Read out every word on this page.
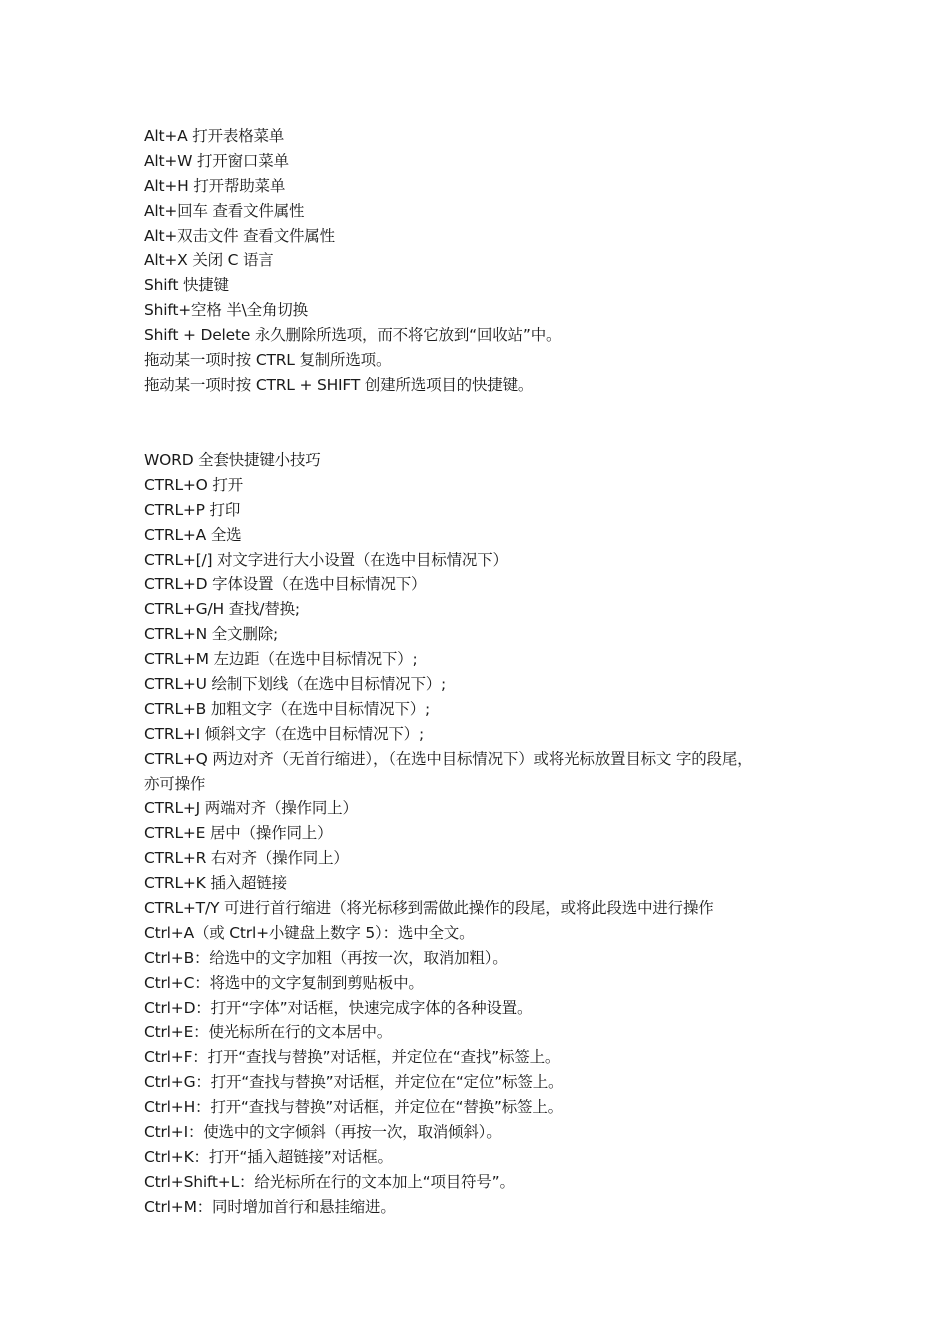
Alt+A 打开表格菜单
Alt+W 打开窗口菜单
Alt+H 打开帮助菜单
Alt+回车 查看文件属性
Alt+双击文件 查看文件属性
Alt+X 关闭 C 语言
Shift 快捷键
Shift+空格 半\全角切换
Shift + Delete 永久删除所选项，而不将它放到“回收站”中。
拖动某一项时按 CTRL 复制所选项。
拖动某一项时按 CTRL + SHIFT 创建所选项目的快捷键。
WORD 全套快捷键小技巧
CTRL+O 打开
CTRL+P 打印
CTRL+A 全选
CTRL+[/] 对文字进行大小设置（在选中目标情况下）
CTRL+D 字体设置（在选中目标情况下）
CTRL+G/H 查找/替换;
CTRL+N 全文删除;
CTRL+M 左边距（在选中目标情况下）;
CTRL+U 绘制下划线（在选中目标情况下）;
CTRL+B 加粗文字（在选中目标情况下）;
CTRL+I 倾斜文字（在选中目标情况下）;
CTRL+Q 两边对齐（无首行缩进），（在选中目标情况下）或将光标放置目标文 字的段尾，
亦可操作
CTRL+J 两端对齐（操作同上）
CTRL+E 居中（操作同上）
CTRL+R 右对齐（操作同上）
CTRL+K 插入超链接
CTRL+T/Y 可进行首行缩进（将光标移到需做此操作的段尾，或将此段选中进行操作
Ctrl+A（或 Ctrl+小键盘上数字 5）：选中全文。
Ctrl+B：给选中的文字加粗（再按一次，取消加粗）。
Ctrl+C：将选中的文字复制到剪贴板中。
Ctrl+D：打开“字体”对话框，快速完成字体的各种设置。
Ctrl+E：使光标所在行的文本居中。
Ctrl+F：打开“查找与替换”对话框，并定位在“查找”标签上。
Ctrl+G：打开“查找与替换”对话框，并定位在“定位”标签上。
Ctrl+H：打开“查找与替换”对话框，并定位在“替换”标签上。
Ctrl+I：使选中的文字倾斜（再按一次，取消倾斜）。
Ctrl+K：打开“插入超链接”对话框。
Ctrl+Shift+L：给光标所在行的文本加上“项目符号”。
Ctrl+M：同时增加首行和悬挂缩进。
